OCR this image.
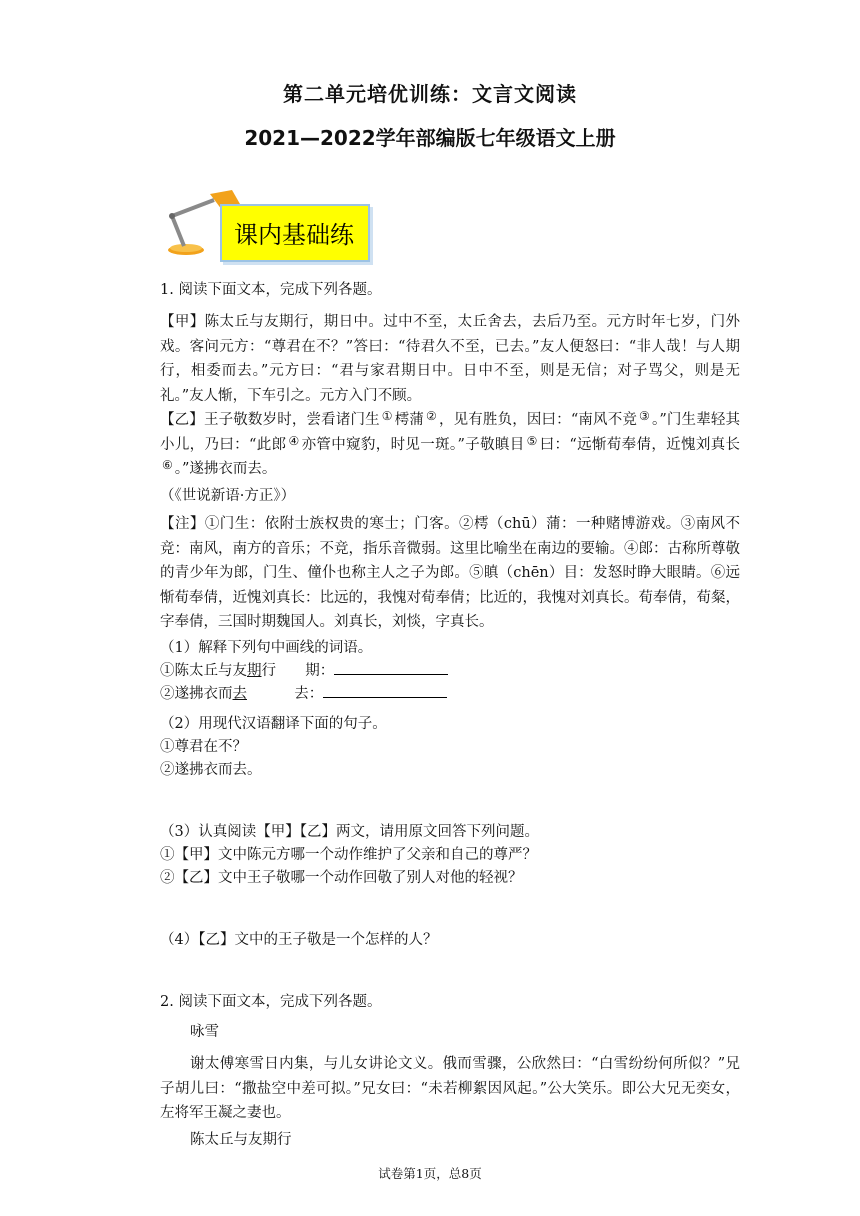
第二单元培优训练：文言文阅读
2021—2022学年部编版七年级语文上册
课内基础练
1. 阅读下面文本，完成下列各题。
【甲】陈太丘与友期行，期日中。过中不至，太丘舍去，去后乃至。元方时年七岁，门外戏。客问元方：“尊君在不？”答曰：“待君久不至，已去。”友人便怒曰：“非人哉！与人期行，相委而去。”元方曰：“君与家君期日中。日中不至，则是无信；对子骂父，则是无礼。”友人惭，下车引之。元方入门不顾。
【乙】王子敬数岁时，尝看诸门生 ① 樗蒲 ② ，见有胜负，因曰：“南风不竞 ③ 。”门生辈轻其小儿，乃曰：“此郎 ④ 亦管中窥豹，时见一斑。”子敬瞋目 ⑤ 曰：“远惭荀奉倩，近愧刘真长⑥ 。”遂拂衣而去。
（《世说新语·方正》）
【注】①门生：依附士族权贵的寒士；门客。②樗（chū）蒲：一种赌博游戏。③南风不竞：南风，南方的音乐；不竞，指乐音微弱。这里比喻坐在南边的要输。④郎：古称所尊敬的青少年为郎，门生、僮仆也称主人之子为郎。⑤瞋（chēn）目：发怒时睁大眼睛。⑥远惭荀奉倩，近愧刘真长：比远的，我愧对荀奉倩；比近的，我愧对刘真长。荀奉倩，荀粲，字奉倩，三国时期魏国人。刘真长，刘惔，字真长。
（1）解释下列句中画线的词语。
①陈太丘与友期行 期：
②遂拂衣而去	去：
（2）用现代汉语翻译下面的句子。
①尊君在不？
②遂拂衣而去。
（3）认真阅读【甲】【乙】两文，请用原文回答下列问题。
①【甲】文中陈元方哪一个动作维护了父亲和自己的尊严？
②【乙】文中王子敬哪一个动作回敬了别人对他的轻视？
（4）【乙】文中的王子敬是一个怎样的人？
2. 阅读下面文本，完成下列各题。
咏雪
谢太傅寒雪日内集，与儿女讲论文义。俄而雪骤，公欣然曰：“白雪纷纷何所似？”兄子胡儿曰：“撒盐空中差可拟。”兄女曰：“未若柳絮因风起。”公大笑乐。即公大兄无奕女，左将军王凝之妻也。
陈太丘与友期行
试卷第1页，总8页
